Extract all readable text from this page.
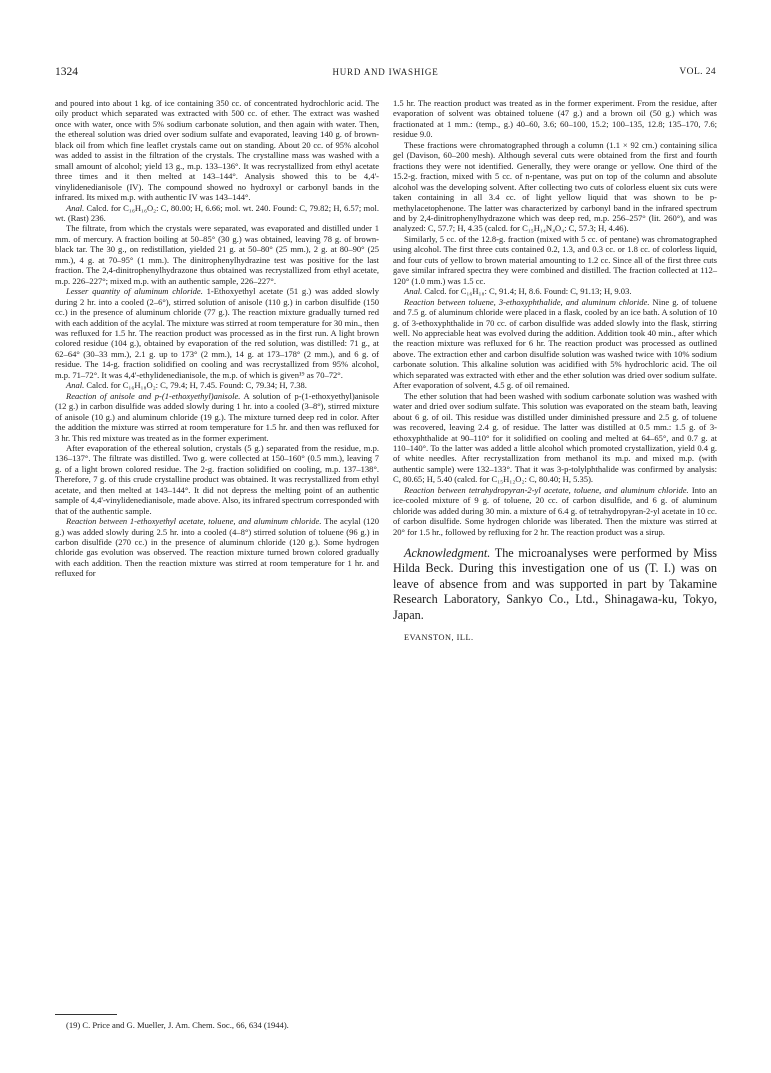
1324	HURD AND IWASHIGE	VOL. 24

and poured into about 1 kg. of ice containing 350 cc. of concentrated hydrochloric acid. The oily product which separated was extracted with 500 cc. of ether. The extract was washed once with water, once with 5% sodium carbonate solution, and then again with water. Then, the ethereal solution was dried over sodium sulfate and evaporated, leaving 140 g. of brown-black oil from which fine leaflet crystals came out on standing. About 20 cc. of 95% alcohol was added to assist in the filtration of the crystals. The crystalline mass was washed with a small amount of alcohol; yield 13 g., m.p. 133–136°. It was recrystallized from ethyl acetate three times and it then melted at 143–144°. Analysis showed this to be 4,4'-vinylidenedianisole (IV). The compound showed no hydroxyl or carbonyl bands in the infrared. Its mixed m.p. with authentic IV was 143–144°.

Anal. Calcd. for C₁₆H₁₆O₂: C, 80.00; H, 6.66; mol. wt. 240. Found: C, 79.82; H, 6.57; mol. wt. (Rast) 236.

The filtrate, from which the crystals were separated, was evaporated and distilled under 1 mm. of mercury. A fraction boiling at 50–85° (30 g.) was obtained, leaving 78 g. of brown-black tar. The 30 g., on redistillation, yielded 21 g. at 50–80° (25 mm.), 2 g. at 80–90° (25 mm.), 4 g. at 70–95° (1 mm.). The dinitrophenylhydrazine test was positive for the last fraction. The 2,4-dinitrophenylhydrazone thus obtained was recrystallized from ethyl acetate, m.p. 226–227°; mixed m.p. with an authentic sample, 226–227°.

Lesser quantity of aluminum chloride. 1-Ethoxyethyl acetate (51 g.) was added slowly during 2 hr. into a cooled (2–6°), stirred solution of anisole (110 g.) in carbon disulfide (150 cc.) in the presence of aluminum chloride (77 g.). The reaction mixture gradually turned red with each addition of the acylal. The mixture was stirred at room temperature for 30 min., then was refluxed for 1.5 hr. The reaction product was processed as in the first run. A light brown colored residue (104 g.), obtained by evaporation of the red solution, was distilled: 71 g., at 62–64° (30–33 mm.), 2.1 g. up to 173° (2 mm.), 14 g. at 173–178° (2 mm.), and 6 g. of residue. The 14-g. fraction solidified on cooling and was recrystallized from 95% alcohol, m.p. 71–72°. It was 4,4'-ethylidenedianisole, the m.p. of which is given¹⁹ as 70–72°.

Anal. Calcd. for C₁₆H₁₈O₂: C, 79.4; H, 7.45. Found: C, 79.34; H, 7.38.

Reaction of anisole and p-(1-ethoxyethyl)anisole. A solution of p-(1-ethoxyethyl)anisole (12 g.) in carbon disulfide was added slowly during 1 hr. into a cooled (3–8°), stirred mixture of anisole (10 g.) and aluminum chloride (19 g.). The mixture turned deep red in color. After the addition the mixture was stirred at room temperature for 1.5 hr. and then was refluxed for 3 hr. This red mixture was treated as in the former experiment.

After evaporation of the ethereal solution, crystals (5 g.) separated from the residue, m.p. 136–137°. The filtrate was distilled. Two g. were collected at 150–160° (0.5 mm.), leaving 7 g. of a light brown colored residue. The 2-g. fraction solidified on cooling, m.p. 137–138°. Therefore, 7 g. of this crude crystalline product was obtained. It was recrystallized from ethyl acetate, and then melted at 143–144°. It did not depress the melting point of an authentic sample of 4,4'-vinylidenedianisole, made above. Also, its infrared spectrum corresponded with that of the authentic sample.

Reaction between 1-ethoxyethyl acetate, toluene, and aluminum chloride. The acylal (120 g.) was added slowly during 2.5 hr. into a cooled (4–8°) stirred solution of toluene (96 g.) in carbon disulfide (270 cc.) in the presence of aluminum chloride (120 g.). Some hydrogen chloride gas evolution was observed. The reaction mixture turned brown colored gradually with each addition. Then the reaction mixture was stirred at room temperature for 1 hr. and refluxed for

1.5 hr. The reaction product was treated as in the former experiment. From the residue, after evaporation of solvent was obtained toluene (47 g.) and a brown oil (50 g.) which was fractionated at 1 mm.: (temp., g.) 40–60, 3.6; 60–100, 15.2; 100–135, 12.8; 135–170, 7.6; residue 9.0.

These fractions were chromatographed through a column (1.1 × 92 cm.) containing silica gel (Davison, 60–200 mesh). Although several cuts were obtained from the first and fourth fractions they were not identified. Generally, they were orange or yellow. One third of the 15.2-g. fraction, mixed with 5 cc. of n-pentane, was put on top of the column and absolute alcohol was the developing solvent. After collecting two cuts of colorless eluent six cuts were taken containing in all 3.4 cc. of light yellow liquid that was shown to be p-methylacetophenone. The latter was characterized by carbonyl band in the infrared spectrum and by 2,4-dinitrophenylhydrazone which was deep red, m.p. 256–257° (lit. 260°), and was analyzed: C, 57.7; H, 4.35 (calcd. for C₁₅H₁₄N₄O₄: C, 57.3; H, 4.46).

Similarly, 5 cc. of the 12.8-g. fraction (mixed with 5 cc. of pentane) was chromatographed using alcohol. The first three cuts contained 0.2, 1.3, and 0.3 cc. or 1.8 cc. of colorless liquid, and four cuts of yellow to brown material amounting to 1.2 cc. Since all of the first three cuts gave similar infrared spectra they were combined and distilled. The fraction collected at 112–120° (1.0 mm.) was 1.5 cc.

Anal. Calcd. for C₁₆H₁₈: C, 91.4; H, 8.6. Found: C, 91.13; H, 9.03.

Reaction between toluene, 3-ethoxyphthalide, and aluminum chloride. Nine g. of toluene and 7.5 g. of aluminum chloride were placed in a flask, cooled by an ice bath. A solution of 10 g. of 3-ethoxyphthalide in 70 cc. of carbon disulfide was added slowly into the flask, stirring well. No appreciable heat was evolved during the addition. Addition took 40 min., after which the reaction mixture was refluxed for 6 hr. The reaction product was processed as outlined above. The extraction ether and carbon disulfide solution was washed twice with 10% sodium carbonate solution. This alkaline solution was acidified with 5% hydrochloric acid. The oil which separated was extracted with ether and the ether solution was dried over sodium sulfate. After evaporation of solvent, 4.5 g. of oil remained.

The ether solution that had been washed with sodium carbonate solution was washed with water and dried over sodium sulfate. This solution was evaporated on the steam bath, leaving about 6 g. of oil. This residue was distilled under diminished pressure and 2.5 g. of toluene was recovered, leaving 2.4 g. of residue. The latter was distilled at 0.5 mm.: 1.5 g. of 3-ethoxyphthalide at 90–110° for it solidified on cooling and melted at 64–65°, and 0.7 g. at 110–140°. To the latter was added a little alcohol which promoted crystallization, yield 0.4 g. of white needles. After recrystallization from methanol its m.p. and mixed m.p. (with authentic sample) were 132–133°. That it was 3-p-tolylphthalide was confirmed by analysis: C, 80.65; H, 5.40 (calcd. for C₁₅H₁₂O₂: C, 80.40; H, 5.35).

Reaction between tetrahydropyran-2-yl acetate, toluene, and aluminum chloride. Into an ice-cooled mixture of 9 g. of toluene, 20 cc. of carbon disulfide, and 6 g. of aluminum chloride was added during 30 min. a mixture of 6.4 g. of tetrahydropyran-2-yl acetate in 10 cc. of carbon disulfide. Some hydrogen chloride was liberated. Then the mixture was stirred at 20° for 1.5 hr., followed by refluxing for 2 hr. The reaction product was a sirup.

Acknowledgment. The microanalyses were performed by Miss Hilda Beck. During this investigation one of us (T. I.) was on leave of absence from and was supported in part by Takamine Research Laboratory, Sankyo Co., Ltd., Shinagawa-ku, Tokyo, Japan.

EVANSTON, ILL.

(19) C. Price and G. Mueller, J. Am. Chem. Soc., 66, 634 (1944).
